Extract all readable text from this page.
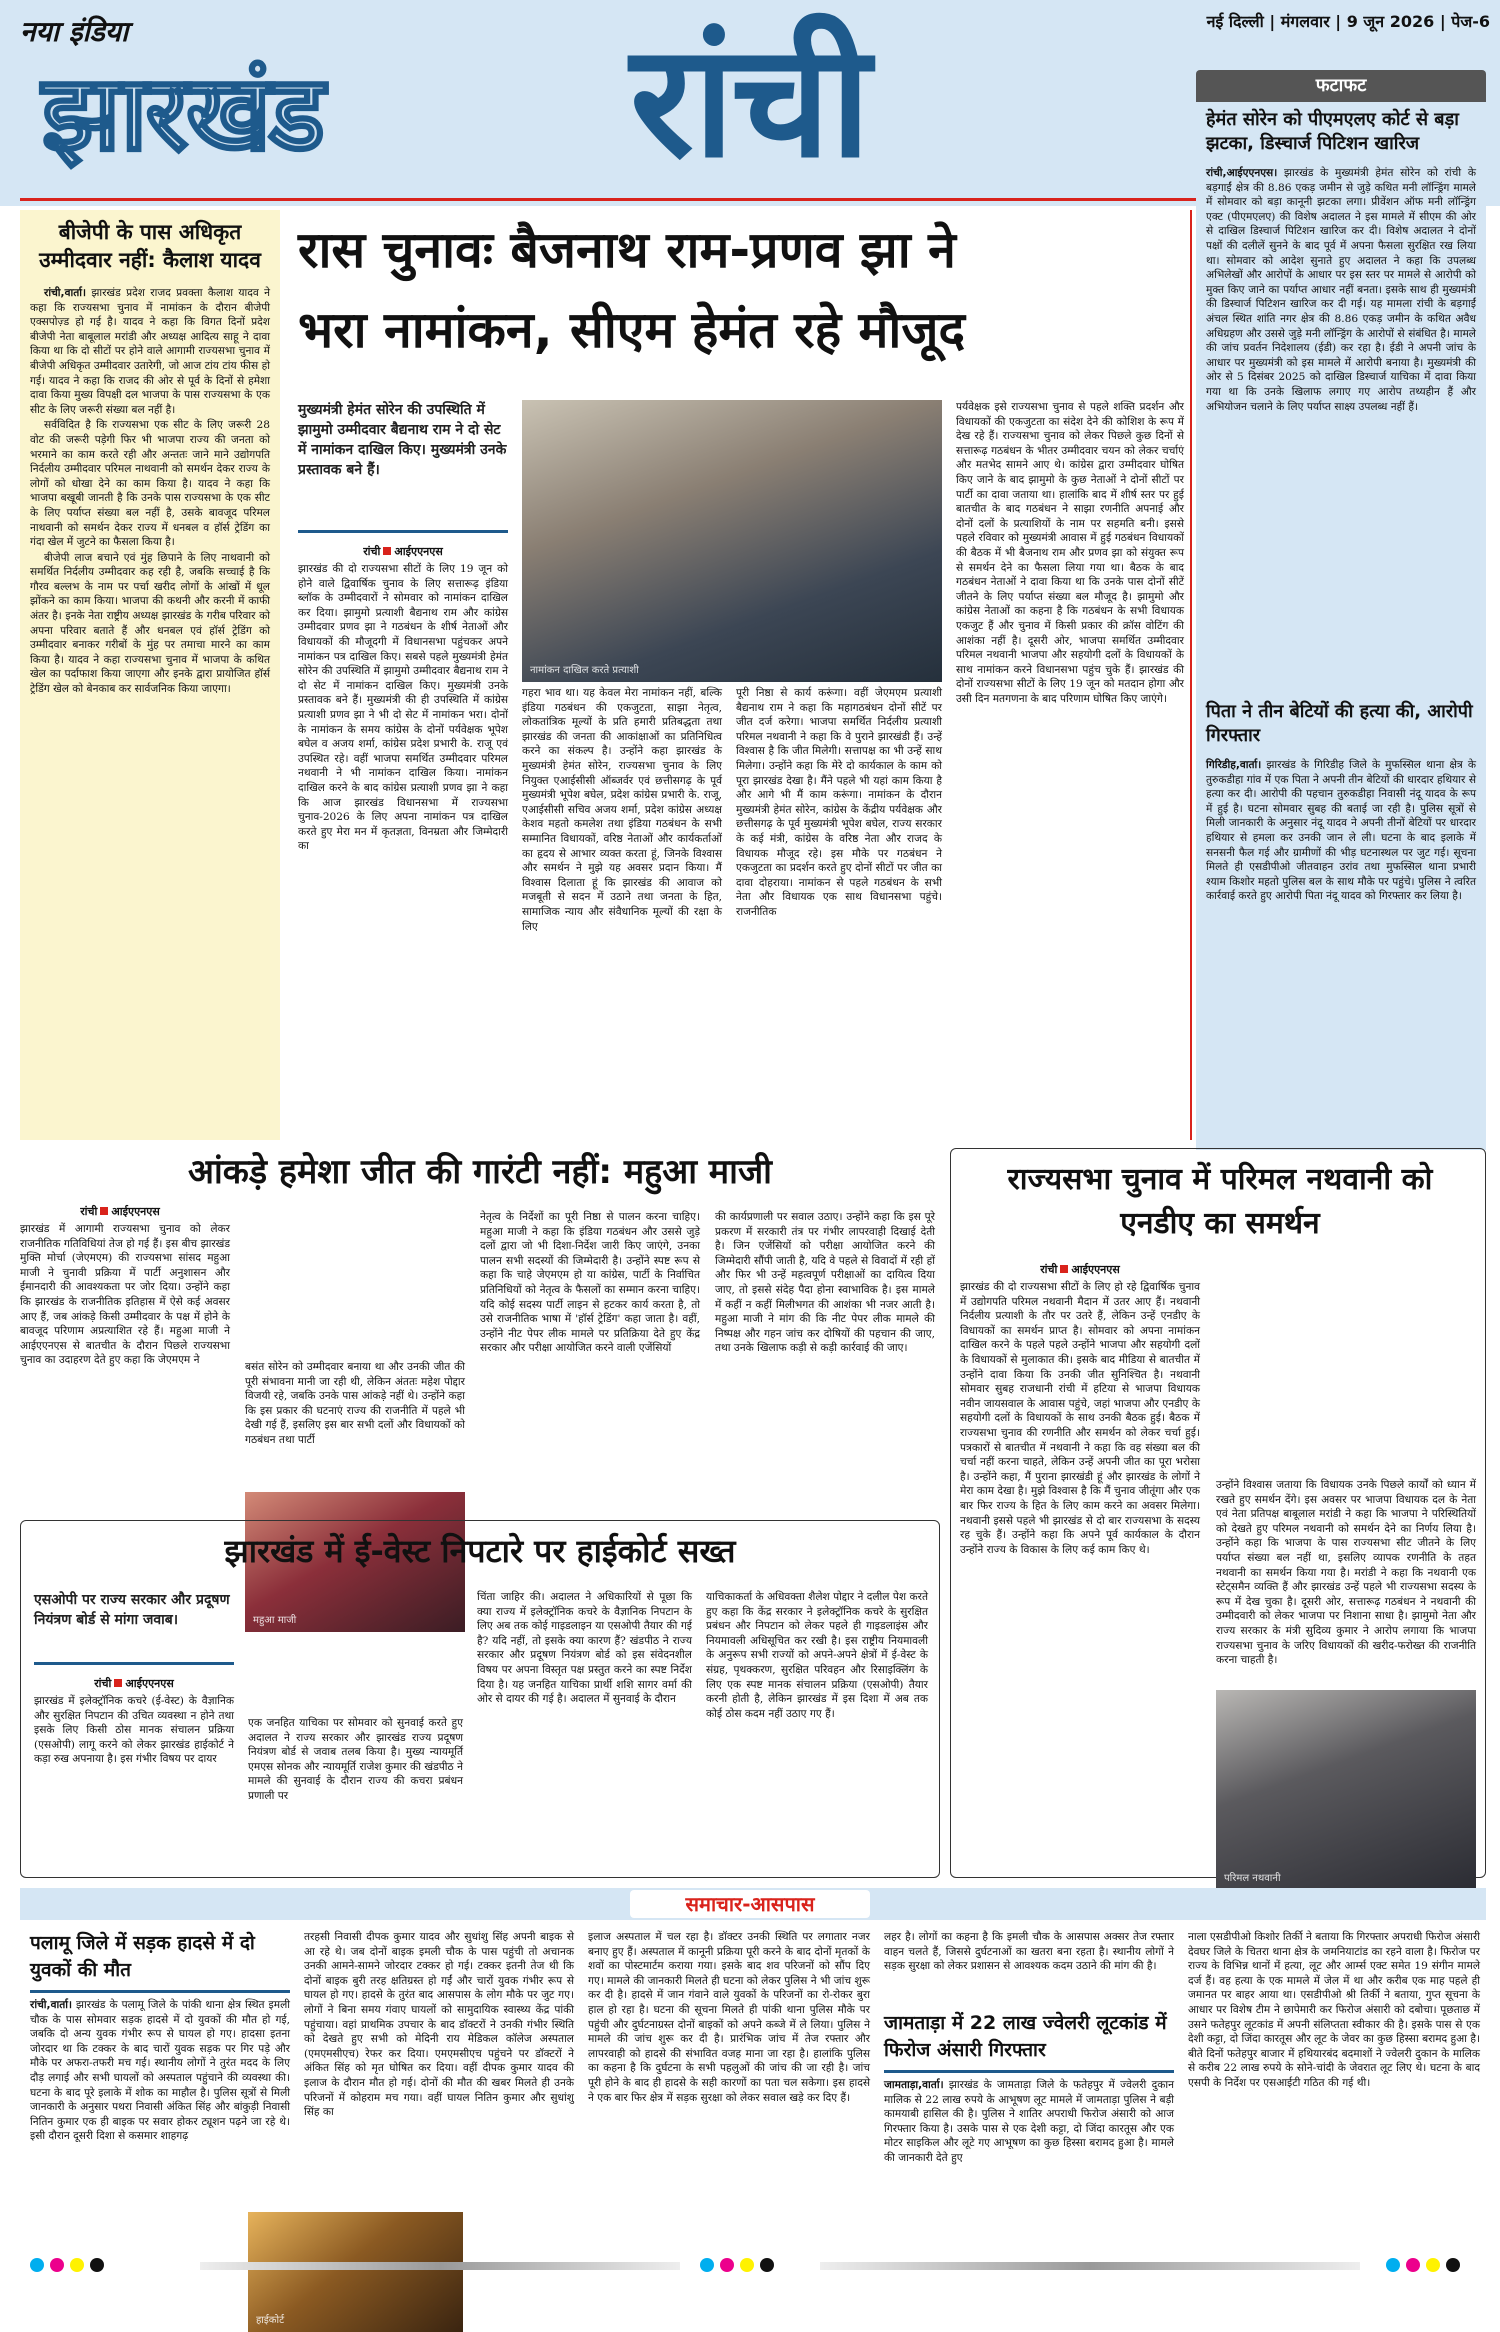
नया इंडिया
झारखंड रांची	नई दिल्ली | मंगलवार | 9 जून 2026 | पेज-6
फटाफट
हेमंत सोरेन को पीएमएलए कोर्ट से बड़ा झटका, डिस्चार्ज पिटिशन खारिज
रांची,आईएएनएस। झारखंड के मुख्यमंत्री हेमंत सोरेन को रांची के बड़गाईं क्षेत्र की 8.86 एकड़ जमीन से जुड़े कथित मनी लॉन्ड्रिंग मामले में सोमवार को बड़ा कानूनी झटका लगा। प्रीवेंशन ऑफ मनी लॉन्ड्रिंग एक्ट (पीएमएलए) की विशेष अदालत ने इस मामले में सीएम की ओर से दाखिल डिस्चार्ज पिटिशन खारिज कर दी। विशेष अदालत ने दोनों पक्षों की दलीलें सुनने के बाद पूर्व में अपना फैसला सुरक्षित रख लिया था। सोमवार को आदेश सुनाते हुए अदालत ने कहा कि उपलब्ध अभिलेखों और आरोपों के आधार पर इस स्तर पर मामले से आरोपी को मुक्त किए जाने का पर्याप्त आधार नहीं बनता। इसके साथ ही मुख्यमंत्री की डिस्चार्ज पिटिशन खारिज कर दी गई। यह मामला रांची के बड़गाईं अंचल स्थित शांति नगर क्षेत्र की 8.86 एकड़ जमीन के कथित अवैध अधिग्रहण और उससे जुड़े मनी लॉन्ड्रिंग के आरोपों से संबंधित है। मामले की जांच प्रवर्तन निदेशालय (ईडी) कर रहा है। ईडी ने अपनी जांच के आधार पर मुख्यमंत्री को इस मामले में आरोपी बनाया है। मुख्यमंत्री की ओर से 5 दिसंबर 2025 को दाखिल डिस्चार्ज याचिका में दावा किया गया था कि उनके खिलाफ लगाए गए आरोप तथ्यहीन हैं और अभियोजन चलाने के लिए पर्याप्त साक्ष्य उपलब्ध नहीं हैं।
पिता ने तीन बेटियों की हत्या की, आरोपी गिरफ्तार
गिरिडीह,वार्ता। झारखंड के गिरिडीह जिले के मुफस्सिल थाना क्षेत्र के तुरुकडीहा गांव में एक पिता ने अपनी तीन बेटियों की धारदार हथियार से हत्या कर दी। आरोपी की पहचान तुरुकडीहा निवासी नंदू यादव के रूप में हुई है। घटना सोमवार सुबह की बताई जा रही है। पुलिस सूत्रों से मिली जानकारी के अनुसार नंदू यादव ने अपनी तीनों बेटियों पर धारदार हथियार से हमला कर उनकी जान ले ली। घटना के बाद इलाके में सनसनी फैल गई और ग्रामीणों की भीड़ घटनास्थल पर जुट गई। सूचना मिलते ही एसडीपीओ जीतवाहन उरांव तथा मुफस्सिल थाना प्रभारी श्याम किशोर महतो पुलिस बल के साथ मौके पर पहुंचे। पुलिस ने त्वरित कार्रवाई करते हुए आरोपी पिता नंदू यादव को गिरफ्तार कर लिया है।
बीजेपी के पास अधिकृत उम्मीदवार नहीं: कैलाश यादव

रांची,वार्ता। झारखंड प्रदेश राजद प्रवक्ता कैलाश यादव ने कहा कि राज्यसभा चुनाव में नामांकन के दौरान बीजेपी एक्सपोज़्ड हो गई है। यादव ने कहा कि विगत दिनों प्रदेश बीजेपी नेता बाबूलाल मरांडी और अध्यक्ष आदित्य साहू ने दावा किया था कि दो सीटों पर होने वाले आगामी राज्यसभा चुनाव में बीजेपी अधिकृत उम्मीदवार उतारेगी, जो आज टांय टांय फीस हो गई। यादव ने कहा कि राजद की ओर से पूर्व के दिनों से हमेशा दावा किया मुख्य विपक्षी दल भाजपा के पास राज्यसभा के एक सीट के लिए जरूरी संख्या बल नहीं है।

सर्वविदित है कि राज्यसभा एक सीट के लिए जरूरी 28 वोट की जरूरी पड़ेगी फिर भी भाजपा राज्य की जनता को भरमाने का काम करते रही और अन्ततः जाने माने उद्योगपति निर्दलीय उम्मीदवार परिमल नाथवानी को समर्थन देकर राज्य के लोगों को धोखा देने का काम किया है। यादव ने कहा कि भाजपा बखूबी जानती है कि उनके पास राज्यसभा के एक सीट के लिए पर्याप्त संख्या बल नहीं है, उसके बावजूद परिमल नाथवानी को समर्थन देकर राज्य में धनबल व हॉर्स ट्रेडिंग का गंदा खेल में जुटने का फैसला किया है।

बीजेपी लाज बचाने एवं मुंह छिपाने के लिए नाथवानी को समर्थित निर्दलीय उम्मीदवार कह रही है, जबकि सच्चाई है कि गौरव बल्लभ के नाम पर पर्चा खरीद लोगों के आंखों में धूल झोंकने का काम किया। भाजपा की कथनी और करनी में काफी अंतर है। इनके नेता राष्ट्रीय अध्यक्ष झारखंड के गरीब परिवार को अपना परिवार बताते हैं और धनबल एवं हॉर्स ट्रेडिंग को उम्मीदवार बनाकर गरीबों के मुंह पर तमाचा मारने का काम किया है। यादव ने कहा राज्यसभा चुनाव में भाजपा के कथित खेल का पर्दाफाश किया जाएगा और इनके द्वारा प्रायोजित हॉर्स ट्रेडिंग खेल को बेनकाब कर सार्वजनिक किया जाएगा।

रास चुनावः बैजनाथ राम-प्रणव झा ने
भरा नामांकन, सीएम हेमंत रहे मौजूद
मुख्यमंत्री हेमंत सोरेन की उपस्थिति में झामुमो उम्मीदवार बैद्यनाथ राम ने दो सेट में नामांकन दाखिल किए। मुख्यमंत्री उनके प्रस्तावक बने हैं।
नामांकन दाखिल करते प्रत्याशी
रांची आईएएनएस
झारखंड की दो राज्यसभा सीटों के लिए 19 जून को होने वाले द्विवार्षिक चुनाव के लिए सत्तारूढ़ इंडिया ब्लॉक के उम्मीदवारों ने सोमवार को नामांकन दाखिल कर दिया। झामुमो प्रत्याशी बैद्यनाथ राम और कांग्रेस उम्मीदवार प्रणव झा ने गठबंधन के शीर्ष नेताओं और विधायकों की मौजूदगी में विधानसभा पहुंचकर अपने नामांकन पत्र दाखिल किए। सबसे पहले मुख्यमंत्री हेमंत सोरेन की उपस्थिति में झामुमो उम्मीदवार बैद्यनाथ राम ने दो सेट में नामांकन दाखिल किए। मुख्यमंत्री उनके प्रस्तावक बने हैं। मुख्यमंत्री की ही उपस्थिति में कांग्रेस प्रत्याशी प्रणव झा ने भी दो सेट में नामांकन भरा। दोनों के नामांकन के समय कांग्रेस के दोनों पर्यवेक्षक भूपेश बघेल व अजय शर्मा, कांग्रेस प्रदेश प्रभारी के. राजू एवं उपस्थित रहे। वहीं भाजपा समर्थित उम्मीदवार परिमल नथवानी ने भी नामांकन दाखिल किया। नामांकन दाखिल करने के बाद कांग्रेस प्रत्याशी प्रणव झा ने कहा कि आज झारखंड विधानसभा में राज्यसभा चुनाव-2026 के लिए अपना नामांकन पत्र दाखिल करते हुए मेरा मन में कृतज्ञता, विनम्रता और जिम्मेदारी का
गहरा भाव था। यह केवल मेरा नामांकन नहीं, बल्कि इंडिया गठबंधन की एकजुटता, साझा नेतृत्व, लोकतांत्रिक मूल्यों के प्रति हमारी प्रतिबद्धता तथा झारखंड की जनता की आकांक्षाओं का प्रतिनिधित्व करने का संकल्प है। उन्होंने कहा झारखंड के मुख्यमंत्री हेमंत सोरेन, राज्यसभा चुनाव के लिए नियुक्त एआईसीसी ऑब्जर्वर एवं छत्तीसगढ़ के पूर्व मुख्यमंत्री भूपेश बघेल, प्रदेश कांग्रेस प्रभारी के. राजू, एआईसीसी सचिव अजय शर्मा, प्रदेश कांग्रेस अध्यक्ष केशव महतो कमलेश तथा इंडिया गठबंधन के सभी सम्मानित विधायकों, वरिष्ठ नेताओं और कार्यकर्ताओं का हृदय से आभार व्यक्त करता हूं, जिनके विश्वास और समर्थन ने मुझे यह अवसर प्रदान किया। मैं विश्वास दिलाता हूं कि झारखंड की आवाज को मजबूती से सदन में उठाने तथा जनता के हित, सामाजिक न्याय और संवैधानिक मूल्यों की रक्षा के लिए
पूरी निष्ठा से कार्य करूंगा। वहीं जेएमएम प्रत्याशी बैद्यनाथ राम ने कहा कि महागठबंधन दोनों सीटें पर जीत दर्ज करेगा। भाजपा समर्थित निर्दलीय प्रत्याशी परिमल नथवानी ने कहा कि वे पुराने झारखंडी हैं। उन्हें विश्वास है कि जीत मिलेगी। सत्तापक्ष का भी उन्हें साथ मिलेगा। उन्होंने कहा कि मेरे दो कार्यकाल के काम को पूरा झारखंड देखा है। मैंने पहले भी यहां काम किया है और आगे भी मैं काम करूंगा। नामांकन के दौरान मुख्यमंत्री हेमंत सोरेन, कांग्रेस के केंद्रीय पर्यवेक्षक और छत्तीसगढ़ के पूर्व मुख्यमंत्री भूपेश बघेल, राज्य सरकार के कई मंत्री, कांग्रेस के वरिष्ठ नेता और राजद के विधायक मौजूद रहे। इस मौके पर गठबंधन ने एकजुटता का प्रदर्शन करते हुए दोनों सीटों पर जीत का दावा दोहराया। नामांकन से पहले गठबंधन के सभी नेता और विधायक एक साथ विधानसभा पहुंचे। राजनीतिक
पर्यवेक्षक इसे राज्यसभा चुनाव से पहले शक्ति प्रदर्शन और विधायकों की एकजुटता का संदेश देने की कोशिश के रूप में देख रहे हैं। राज्यसभा चुनाव को लेकर पिछले कुछ दिनों से सत्तारूढ़ गठबंधन के भीतर उम्मीदवार चयन को लेकर चर्चाएं और मतभेद सामने आए थे। कांग्रेस द्वारा उम्मीदवार घोषित किए जाने के बाद झामुमो के कुछ नेताओं ने दोनों सीटों पर पार्टी का दावा जताया था। हालांकि बाद में शीर्ष स्तर पर हुई बातचीत के बाद गठबंधन ने साझा रणनीति अपनाई और दोनों दलों के प्रत्याशियों के नाम पर सहमति बनी। इससे पहले रविवार को मुख्यमंत्री आवास में हुई गठबंधन विधायकों की बैठक में भी बैजनाथ राम और प्रणव झा को संयुक्त रूप से समर्थन देने का फैसला लिया गया था। बैठक के बाद गठबंधन नेताओं ने दावा किया था कि उनके पास दोनों सीटें जीतने के लिए पर्याप्त संख्या बल मौजूद है। झामुमो और कांग्रेस नेताओं का कहना है कि गठबंधन के सभी विधायक एकजुट हैं और चुनाव में किसी प्रकार की क्रॉस वोटिंग की आशंका नहीं है। दूसरी ओर, भाजपा समर्थित उम्मीदवार परिमल नथवानी भाजपा और सहयोगी दलों के विधायकों के साथ नामांकन करने विधानसभा पहुंच चुके हैं। झारखंड की दोनों राज्यसभा सीटों के लिए 19 जून को मतदान होगा और उसी दिन मतगणना के बाद परिणाम घोषित किए जाएंगे।
आंकड़े हमेशा जीत की गारंटी नहीं: महुआ माजी
रांची आईएएनएस
झारखंड में आगामी राज्यसभा चुनाव को लेकर राजनीतिक गतिविधियां तेज हो गई हैं। इस बीच झारखंड मुक्ति मोर्चा (जेएमएम) की राज्यसभा सांसद महुआ माजी ने चुनावी प्रक्रिया में पार्टी अनुशासन और ईमानदारी की आवश्यकता पर जोर दिया। उन्होंने कहा कि झारखंड के राजनीतिक इतिहास में ऐसे कई अवसर आए हैं, जब आंकड़े किसी उम्मीदवार के पक्ष में होने के बावजूद परिणाम अप्रत्याशित रहे हैं। महुआ माजी ने आईएएनएस से बातचीत के दौरान पिछले राज्यसभा चुनाव का उदाहरण देते हुए कहा कि जेएमएम ने
महुआ माजी
बसंत सोरेन को उम्मीदवार बनाया था और उनकी जीत की पूरी संभावना मानी जा रही थी, लेकिन अंततः महेश पोद्दार विजयी रहे, जबकि उनके पास आंकड़े नहीं थे। उन्होंने कहा कि इस प्रकार की घटनाएं राज्य की राजनीति में पहले भी देखी गई हैं, इसलिए इस बार सभी दलों और विधायकों को गठबंधन तथा पार्टी
नेतृत्व के निर्देशों का पूरी निष्ठा से पालन करना चाहिए। महुआ माजी ने कहा कि इंडिया गठबंधन और उससे जुड़े दलों द्वारा जो भी दिशा-निर्देश जारी किए जाएंगे, उनका पालन सभी सदस्यों की जिम्मेदारी है। उन्होंने स्पष्ट रूप से कहा कि चाहे जेएमएम हो या कांग्रेस, पार्टी के निर्वाचित प्रतिनिधियों को नेतृत्व के फैसलों का सम्मान करना चाहिए। यदि कोई सदस्य पार्टी लाइन से हटकर कार्य करता है, तो उसे राजनीतिक भाषा में 'हॉर्स ट्रेडिंग' कहा जाता है। वहीं, उन्होंने नीट पेपर लीक मामले पर प्रतिक्रिया देते हुए केंद्र सरकार और परीक्षा आयोजित करने वाली एजेंसियों
की कार्यप्रणाली पर सवाल उठाए। उन्होंने कहा कि इस पूरे प्रकरण में सरकारी तंत्र पर गंभीर लापरवाही दिखाई देती है। जिन एजेंसियों को परीक्षा आयोजित करने की जिम्मेदारी सौंपी जाती है, यदि वे पहले से विवादों में रही हों और फिर भी उन्हें महत्वपूर्ण परीक्षाओं का दायित्व दिया जाए, तो इससे संदेह पैदा होना स्वाभाविक है। इस मामले में कहीं न कहीं मिलीभगत की आशंका भी नजर आती है। महुआ माजी ने मांग की कि नीट पेपर लीक मामले की निष्पक्ष और गहन जांच कर दोषियों की पहचान की जाए, तथा उनके खिलाफ कड़ी से कड़ी कार्रवाई की जाए।
राज्यसभा चुनाव में परिमल नथवानी को एनडीए का समर्थन
रांची आईएएनएस
झारखंड की दो राज्यसभा सीटों के लिए हो रहे द्विवार्षिक चुनाव में उद्योगपति परिमल नथवानी मैदान में उतर आए हैं। नथवानी निर्दलीय प्रत्याशी के तौर पर उतरे हैं, लेकिन उन्हें एनडीए के विधायकों का समर्थन प्राप्त है। सोमवार को अपना नामांकन दाखिल करने के पहले पहले उन्होंने भाजपा और सहयोगी दलों के विधायकों से मुलाकात की। इसके बाद मीडिया से बातचीत में उन्होंने दावा किया कि उनकी जीत सुनिश्चित है। नथवानी सोमवार सुबह राजधानी रांची में हटिया से भाजपा विधायक नवीन जायसवाल के आवास पहुंचे, जहां भाजपा और एनडीए के सहयोगी दलों के विधायकों के साथ उनकी बैठक हुई। बैठक में राज्यसभा चुनाव की रणनीति और समर्थन को लेकर चर्चा हुई। पत्रकारों से बातचीत में नथवानी ने कहा कि वह संख्या बल की चर्चा नहीं करना चाहते, लेकिन उन्हें अपनी जीत का पूरा भरोसा है। उन्होंने कहा, मैं पुराना झारखंडी हूं और झारखंड के लोगों ने मेरा काम देखा है। मुझे विश्वास है कि मैं चुनाव जीतूंगा और एक बार फिर राज्य के हित के लिए काम करने का अवसर मिलेगा। नथवानी इससे पहले भी झारखंड से दो बार राज्यसभा के सदस्य रह चुके हैं। उन्होंने कहा कि अपने पूर्व कार्यकाल के दौरान उन्होंने राज्य के विकास के लिए कई काम किए थे।
परिमल नथवानी
उन्होंने विश्वास जताया कि विधायक उनके पिछले कार्यों को ध्यान में रखते हुए समर्थन देंगे। इस अवसर पर भाजपा विधायक दल के नेता एवं नेता प्रतिपक्ष बाबूलाल मरांडी ने कहा कि भाजपा ने परिस्थितियों को देखते हुए परिमल नथवानी को समर्थन देने का निर्णय लिया है। उन्होंने कहा कि भाजपा के पास राज्यसभा सीट जीतने के लिए पर्याप्त संख्या बल नहीं था, इसलिए व्यापक रणनीति के तहत नथवानी का समर्थन किया गया है। मरांडी ने कहा कि नथवानी एक स्टेट्समैन व्यक्ति हैं और झारखंड उन्हें पहले भी राज्यसभा सदस्य के रूप में देख चुका है। दूसरी ओर, सत्तारूढ़ गठबंधन ने नथवानी की उम्मीदवारी को लेकर भाजपा पर निशाना साधा है। झामुमो नेता और राज्य सरकार के मंत्री सुदिव्य कुमार ने आरोप लगाया कि भाजपा राज्यसभा चुनाव के जरिए विधायकों की खरीद-फरोख्त की राजनीति करना चाहती है।
झारखंड में ई-वेस्ट निपटारे पर हाईकोर्ट सख्त
एसओपी पर राज्य सरकार और प्रदूषण नियंत्रण बोर्ड से मांगा जवाब।
रांची आईएएनएस
झारखंड में इलेक्ट्रॉनिक कचरे (ई-वेस्ट) के वैज्ञानिक और सुरक्षित निपटान की उचित व्यवस्था न होने तथा इसके लिए किसी ठोस मानक संचालन प्रक्रिया (एसओपी) लागू करने को लेकर झारखंड हाईकोर्ट ने कड़ा रुख अपनाया है। इस गंभीर विषय पर दायर
हाईकोर्ट
एक जनहित याचिका पर सोमवार को सुनवाई करते हुए अदालत ने राज्य सरकार और झारखंड राज्य प्रदूषण नियंत्रण बोर्ड से जवाब तलब किया है। मुख्य न्यायमूर्ति एमएस सोनक और न्यायमूर्ति राजेश कुमार की खंडपीठ ने मामले की सुनवाई के दौरान राज्य की कचरा प्रबंधन प्रणाली पर
चिंता जाहिर की। अदालत ने अधिकारियों से पूछा कि क्या राज्य में इलेक्ट्रॉनिक कचरे के वैज्ञानिक निपटान के लिए अब तक कोई गाइडलाइन या एसओपी तैयार की गई है? यदि नहीं, तो इसके क्या कारण हैं? खंडपीठ ने राज्य सरकार और प्रदूषण नियंत्रण बोर्ड को इस संवेदनशील विषय पर अपना विस्तृत पक्ष प्रस्तुत करने का स्पष्ट निर्देश दिया है। यह जनहित याचिका प्रार्थी शशि सागर वर्मा की ओर से दायर की गई है। अदालत में सुनवाई के दौरान
याचिकाकर्ता के अधिवक्ता शैलेश पोद्दार ने दलील पेश करते हुए कहा कि केंद्र सरकार ने इलेक्ट्रॉनिक कचरे के सुरक्षित प्रबंधन और निपटान को लेकर पहले ही गाइडलाइंस और नियमावली अधिसूचित कर रखी है। इस राष्ट्रीय नियमावली के अनुरूप सभी राज्यों को अपने-अपने क्षेत्रों में ई-वेस्ट के संग्रह, पृथक्करण, सुरक्षित परिवहन और रिसाइक्लिंग के लिए एक स्पष्ट मानक संचालन प्रक्रिया (एसओपी) तैयार करनी होती है, लेकिन झारखंड में इस दिशा में अब तक कोई ठोस कदम नहीं उठाए गए हैं।
समाचार-आसपास
पलामू जिले में सड़क हादसे में दो युवकों की मौत
रांची,वार्ता। झारखंड के पलामू जिले के पांकी थाना क्षेत्र स्थित इमली चौक के पास सोमवार सड़क हादसे में दो युवकों की मौत हो गई, जबकि दो अन्य युवक गंभीर रूप से घायल हो गए। हादसा इतना जोरदार था कि टक्कर के बाद चारों युवक सड़क पर गिर पड़े और मौके पर अफरा-तफरी मच गई। स्थानीय लोगों ने तुरंत मदद के लिए दौड़ लगाई और सभी घायलों को अस्पताल पहुंचाने की व्यवस्था की। घटना के बाद पूरे इलाके में शोक का माहौल है। पुलिस सूत्रों से मिली जानकारी के अनुसार पथरा निवासी अंकित सिंह और बांकुड़ी निवासी नितिन कुमार एक ही बाइक पर सवार होकर ट्यूशन पढ़ने जा रहे थे। इसी दौरान दूसरी दिशा से कसमार शाहगढ़
तरहसी निवासी दीपक कुमार यादव और सुधांशु सिंह अपनी बाइक से आ रहे थे। जब दोनों बाइक इमली चौक के पास पहुंची तो अचानक उनकी आमने-सामने जोरदार टक्कर हो गई। टक्कर इतनी तेज थी कि दोनों बाइक बुरी तरह क्षतिग्रस्त हो गईं और चारों युवक गंभीर रूप से घायल हो गए। हादसे के तुरंत बाद आसपास के लोग मौके पर जुट गए। लोगों ने बिना समय गंवाए घायलों को सामुदायिक स्वास्थ्य केंद्र पांकी पहुंचाया। वहां प्राथमिक उपचार के बाद डॉक्टरों ने उनकी गंभीर स्थिति को देखते हुए सभी को मेदिनी राय मेडिकल कॉलेज अस्पताल (एमएमसीएच) रेफर कर दिया। एमएमसीएच पहुंचने पर डॉक्टरों ने अंकित सिंह को मृत घोषित कर दिया। वहीं दीपक कुमार यादव की इलाज के दौरान मौत हो गई। दोनों की मौत की खबर मिलते ही उनके परिजनों में कोहराम मच गया। वहीं घायल नितिन कुमार और सुधांशु सिंह का
इलाज अस्पताल में चल रहा है। डॉक्टर उनकी स्थिति पर लगातार नजर बनाए हुए हैं। अस्पताल में कानूनी प्रक्रिया पूरी करने के बाद दोनों मृतकों के शवों का पोस्टमार्टम कराया गया। इसके बाद शव परिजनों को सौंप दिए गए। मामले की जानकारी मिलते ही घटना को लेकर पुलिस ने भी जांच शुरू कर दी है। हादसे में जान गंवाने वाले युवकों के परिजनों का रो-रोकर बुरा हाल हो रहा है। घटना की सूचना मिलते ही पांकी थाना पुलिस मौके पर पहुंची और दुर्घटनाग्रस्त दोनों बाइकों को अपने कब्जे में ले लिया। पुलिस ने मामले की जांच शुरू कर दी है। प्रारंभिक जांच में तेज रफ्तार और लापरवाही को हादसे की संभावित वजह माना जा रहा है। हालांकि पुलिस का कहना है कि दुर्घटना के सभी पहलुओं की जांच की जा रही है। जांच पूरी होने के बाद ही हादसे के सही कारणों का पता चल सकेगा। इस हादसे ने एक बार फिर क्षेत्र में सड़क सुरक्षा को लेकर सवाल खड़े कर दिए हैं।
लहर है। लोगों का कहना है कि इमली चौक के आसपास अक्सर तेज रफ्तार वाहन चलते हैं, जिससे दुर्घटनाओं का खतरा बना रहता है। स्थानीय लोगों ने सड़क सुरक्षा को लेकर प्रशासन से आवश्यक कदम उठाने की मांग की है।
जामताड़ा में 22 लाख ज्वेलरी लूटकांड में फिरोज अंसारी गिरफ्तार
जामताड़ा,वार्ता। झारखंड के जामताड़ा जिले के फतेहपुर में ज्वेलरी दुकान मालिक से 22 लाख रुपये के आभूषण लूट मामले में जामताड़ा पुलिस ने बड़ी कामयाबी हासिल की है। पुलिस ने शातिर अपराधी फिरोज अंसारी को आज गिरफ्तार किया है। उसके पास से एक देशी कट्टा, दो जिंदा कारतूस और एक मोटर साइकिल और लूटे गए आभूषण का कुछ हिस्सा बरामद हुआ है। मामले की जानकारी देते हुए
नाला एसडीपीओ किशोर तिर्की ने बताया कि गिरफ्तार अपराधी फिरोज अंसारी देवघर जिले के चितरा थाना क्षेत्र के जमनियाटांड का रहने वाला है। फिरोज पर राज्य के विभिन्न थानों में हत्या, लूट और आर्म्स एक्ट समेत 19 संगीन मामले दर्ज हैं। वह हत्या के एक मामले में जेल में था और करीब एक माह पहले ही जमानत पर बाहर आया था। एसडीपीओ श्री तिर्की ने बताया, गुप्त सूचना के आधार पर विशेष टीम ने छापेमारी कर फिरोज अंसारी को दबोचा। पूछताछ में उसने फतेहपुर लूटकांड में अपनी संलिप्तता स्वीकार की है। इसके पास से एक देशी कट्टा, दो जिंदा कारतूस और लूट के जेवर का कुछ हिस्सा बरामद हुआ है। बीते दिनों फतेहपुर बाजार में हथियारबंद बदमाशों ने ज्वेलरी दुकान के मालिक से करीब 22 लाख रुपये के सोने-चांदी के जेवरात लूट लिए थे। घटना के बाद एसपी के निर्देश पर एसआईटी गठित की गई थी।
